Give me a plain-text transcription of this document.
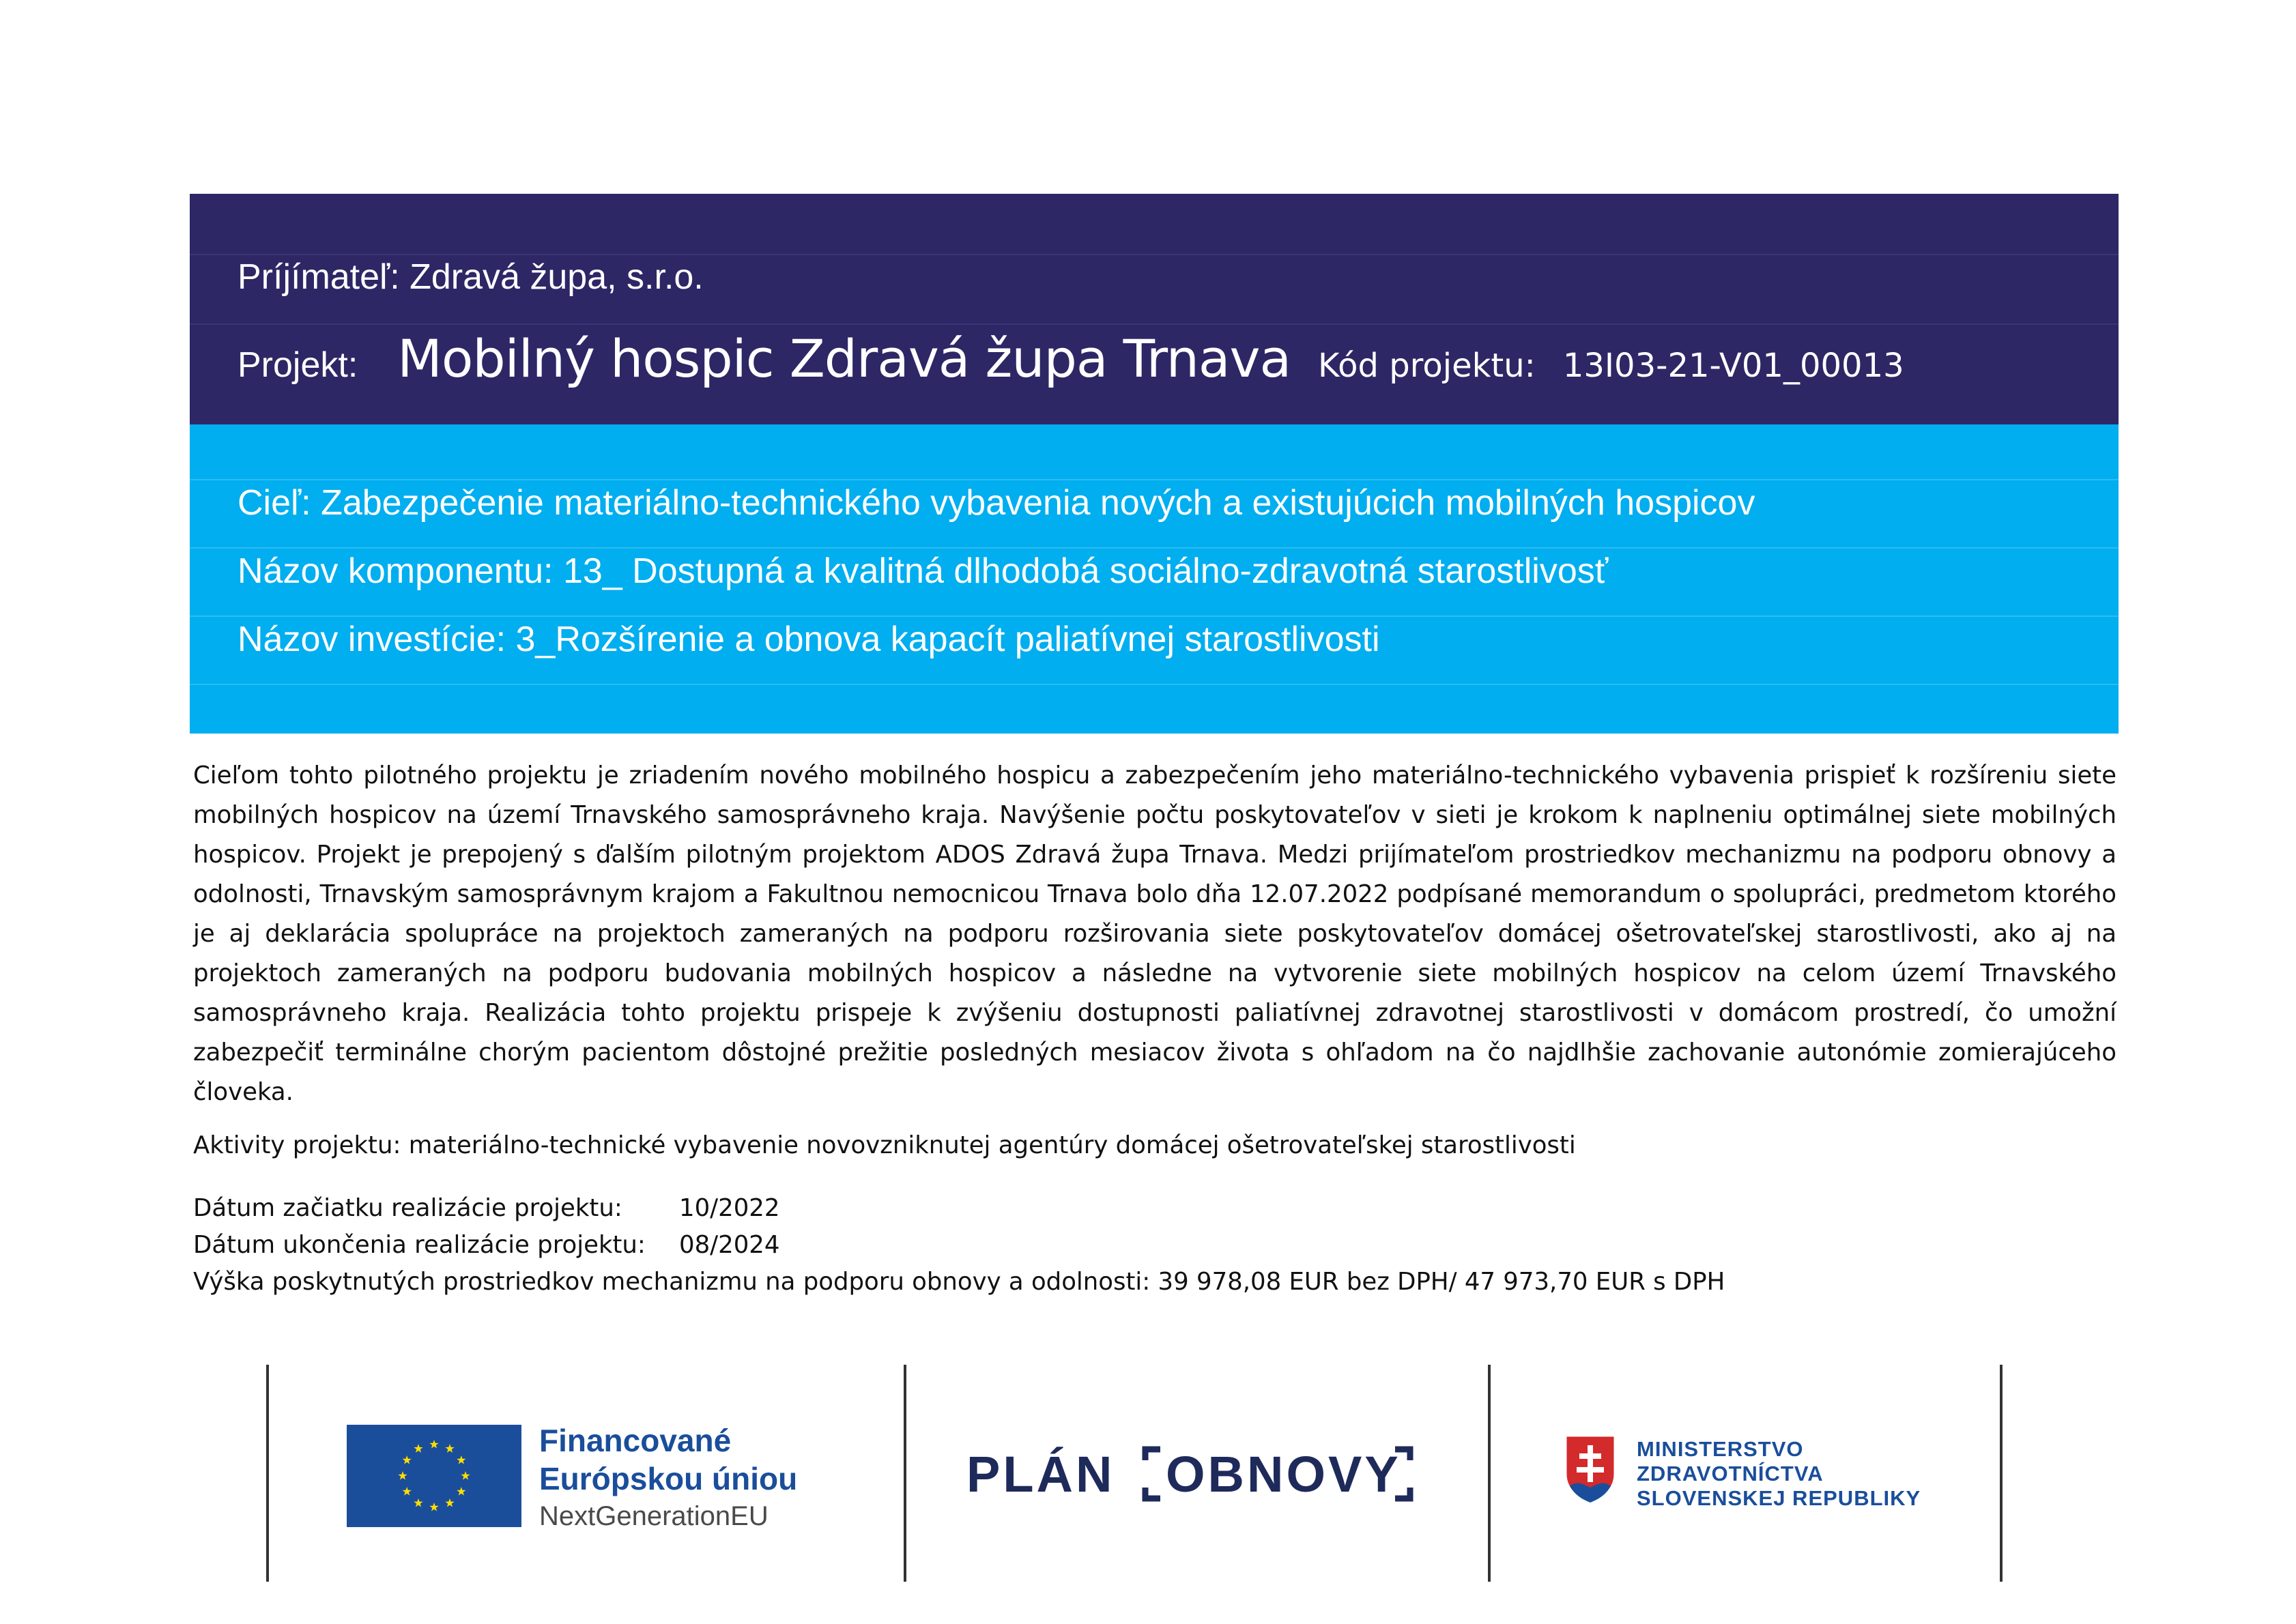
Príjímateľ: Zdravá župa, s.r.o.
Projekt: Mobilný hospic Zdravá župa Trnava Kód projektu: 13I03-21-V01_00013
Cieľ: Zabezpečenie materiálno-technického vybavenia nových a existujúcich mobilných hospicov
Názov komponentu: 13_ Dostupná a kvalitná dlhodobá sociálno-zdravotná starostlivosť
Názov investície: 3_Rozšírenie a obnova kapacít paliatívnej starostlivosti

Cieľom tohto pilotného projektu je zriadením nového mobilného hospicu a zabezpečením jeho materiálno-technického vybavenia prispieť k rozšíreniu siete mobilných hospicov na území Trnavského samosprávneho kraja. Navýšenie počtu poskytovateľov v sieti je krokom k naplneniu optimálnej siete mobilných hospicov. Projekt je prepojený s ďalším pilotným projektom ADOS Zdravá župa Trnava. Medzi prijímateľom prostriedkov mechanizmu na podporu obnovy a odolnosti, Trnavským samosprávnym krajom a Fakultnou nemocnicou Trnava bolo dňa 12.07.2022 podpísané memorandum o spolupráci, predmetom ktorého je aj deklarácia spolupráce na projektoch zameraných na podporu rozširovania siete poskytovateľov domácej ošetrovateľskej starostlivosti, ako aj na projektoch zameraných na podporu budovania mobilných hospicov a následne na vytvorenie siete mobilných hospicov na celom území Trnavského samosprávneho kraja. Realizácia tohto projektu prispeje k zvýšeniu dostupnosti paliatívnej zdravotnej starostlivosti v domácom prostredí, čo umožní zabezpečiť terminálne chorým pacientom dôstojné prežitie posledných mesiacov života s ohľadom na čo najdlhšie zachovanie autonómie zomierajúceho človeka.

Aktivity projektu: materiálno-technické vybavenie novovzniknutej agentúry domácej ošetrovateľskej starostlivosti
Dátum začiatku realizácie projektu: 10/2022
Dátum ukončenia realizácie projektu: 08/2024
Výška poskytnutých prostriedkov mechanizmu na podporu obnovy a odolnosti: 39 978,08 EUR bez DPH/ 47 973,70 EUR s DPH
Financované
Európskou úniou
NextGenerationEU
PLÁN OBNOVY	MINISTERSTVO
ZDRAVOTNÍCTVA
SLOVENSKEJ REPUBLIKY
